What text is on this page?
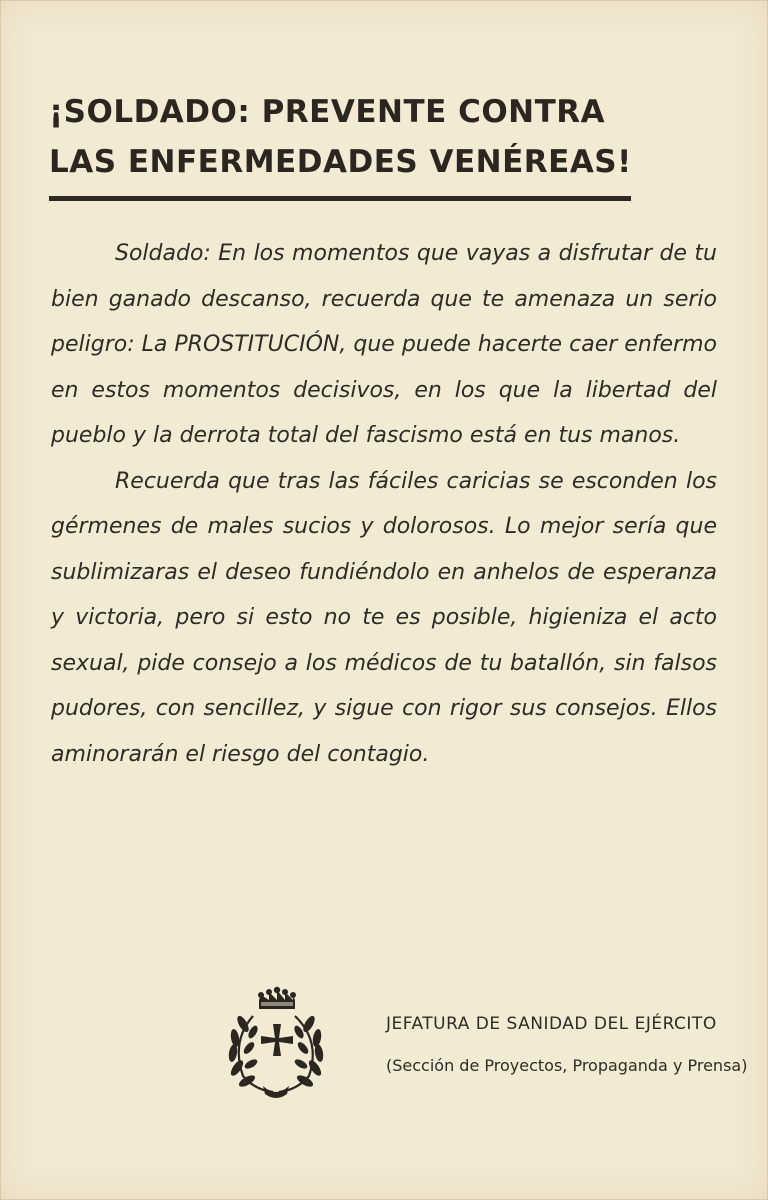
¡SOLDADO: PREVENTE CONTRA
LAS ENFERMEDADES VENÉREAS!

Soldado: En los momentos que vayas a disfrutar de tu bien ganado descanso, recuerda que te amenaza un serio peligro: La PROSTITUCIÓN, que puede hacerte caer enfermo en estos momentos decisivos, en los que la libertad del pueblo y la derrota total del fascismo está en tus manos.

Recuerda que tras las fáciles caricias se esconden los gérmenes de males sucios y dolorosos. Lo mejor sería que sublimizaras el deseo fundiéndolo en anhelos de esperanza y victoria, pero si esto no te es posible, higieniza el acto sexual, pide consejo a los médicos de tu batallón, sin falsos pudores, con sencillez, y sigue con rigor sus consejos. Ellos aminorarán el riesgo del contagio.

JEFATURA DE SANIDAD DEL EJÉRCITO
(Sección de Proyectos, Propaganda y Prensa)
